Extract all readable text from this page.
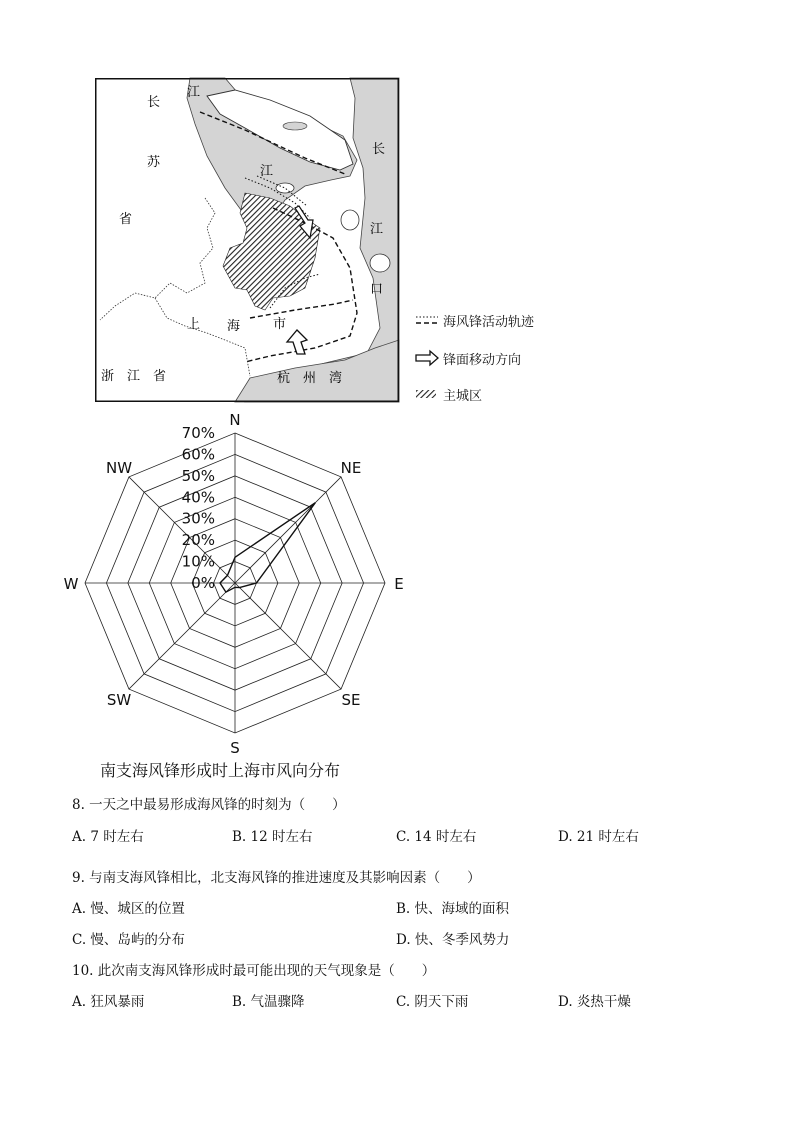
长
江
苏
省
江
长
江
口
上 海	市
浙　江　省	杭　州　湾
海风锋活动轨迹
锋面移动方向
主城区
N
NE
E
SE
S
SW
W
NW
0%
10%
20%
30%
40%
50%
60%
70%
南支海风锋形成时上海市风向分布
8. 一天之中最易形成海风锋的时刻为（　　）
A. 7 时左右	B. 12 时左右	C. 14 时左右	D. 21 时左右
9. 与南支海风锋相比，北支海风锋的推进速度及其影响因素（　　）
A. 慢、城区的位置	B. 快、海域的面积
C. 慢、岛屿的分布	D. 快、冬季风势力
10. 此次南支海风锋形成时最可能出现的天气现象是（　　）
A. 狂风暴雨	B. 气温骤降	C. 阴天下雨	D. 炎热干燥
